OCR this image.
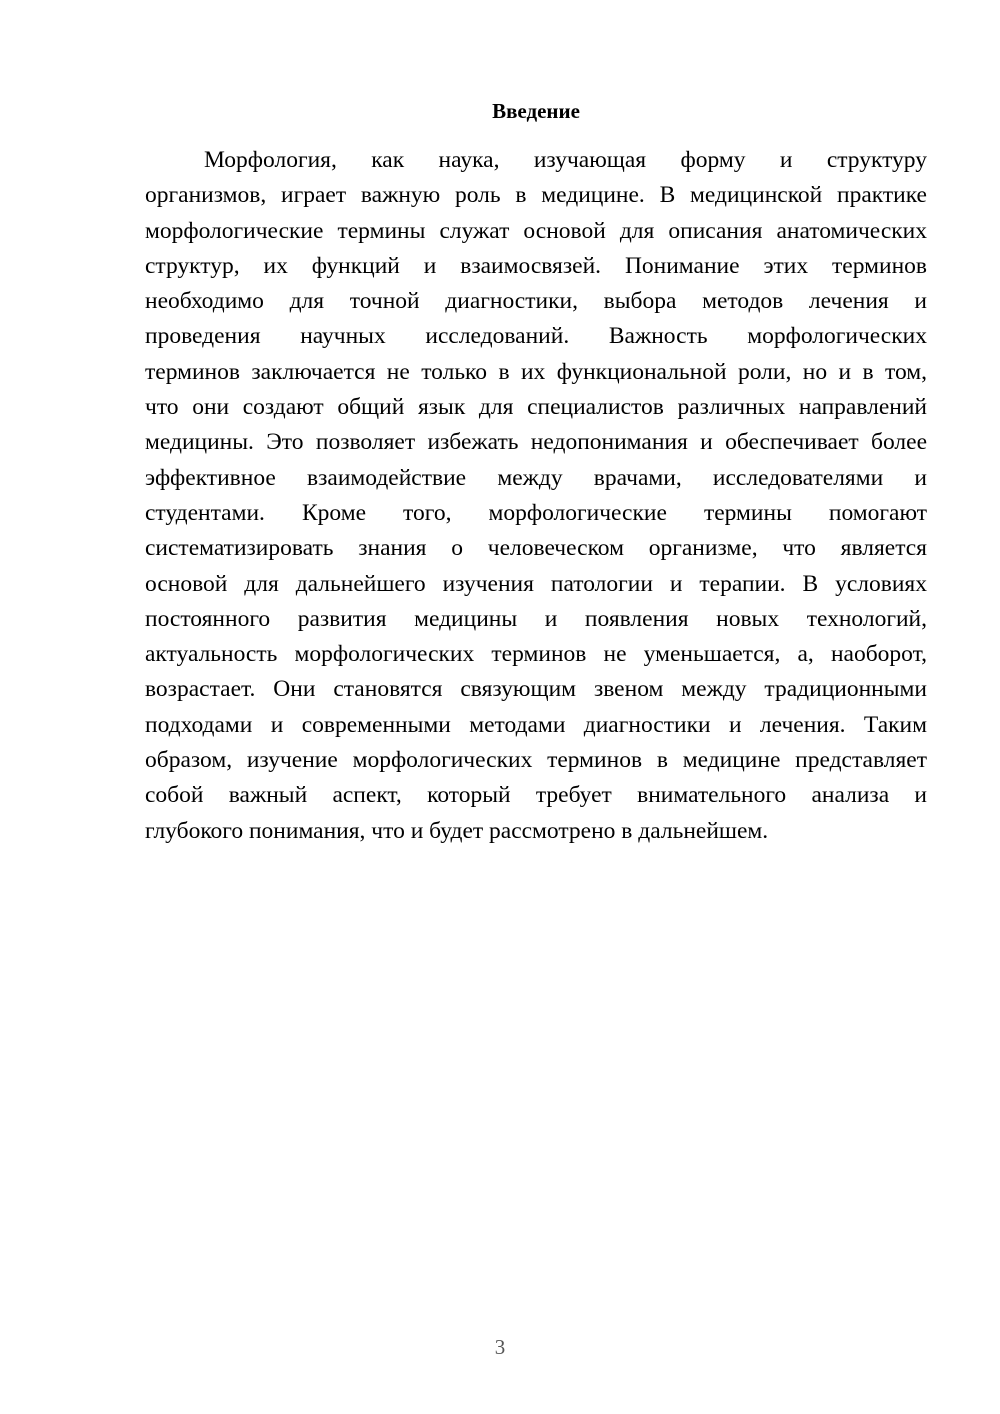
Введение
Морфология, как наука, изучающая форму и структуру
организмов, играет важную роль в медицине. В медицинской практике
морфологические термины служат основой для описания анатомических
структур, их функций и взаимосвязей. Понимание этих терминов
необходимо для точной диагностики, выбора методов лечения и
проведения научных исследований. Важность морфологических
терминов заключается не только в их функциональной роли, но и в том,
что они создают общий язык для специалистов различных направлений
медицины. Это позволяет избежать недопонимания и обеспечивает более
эффективное взаимодействие между врачами, исследователями и
студентами. Кроме того, морфологические термины помогают
систематизировать знания о человеческом организме, что является
основой для дальнейшего изучения патологии и терапии. В условиях
постоянного развития медицины и появления новых технологий,
актуальность морфологических терминов не уменьшается, а, наоборот,
возрастает. Они становятся связующим звеном между традиционными
подходами и современными методами диагностики и лечения. Таким
образом, изучение морфологических терминов в медицине представляет
собой важный аспект, который требует внимательного анализа и
глубокого понимания, что и будет рассмотрено в дальнейшем.
3
